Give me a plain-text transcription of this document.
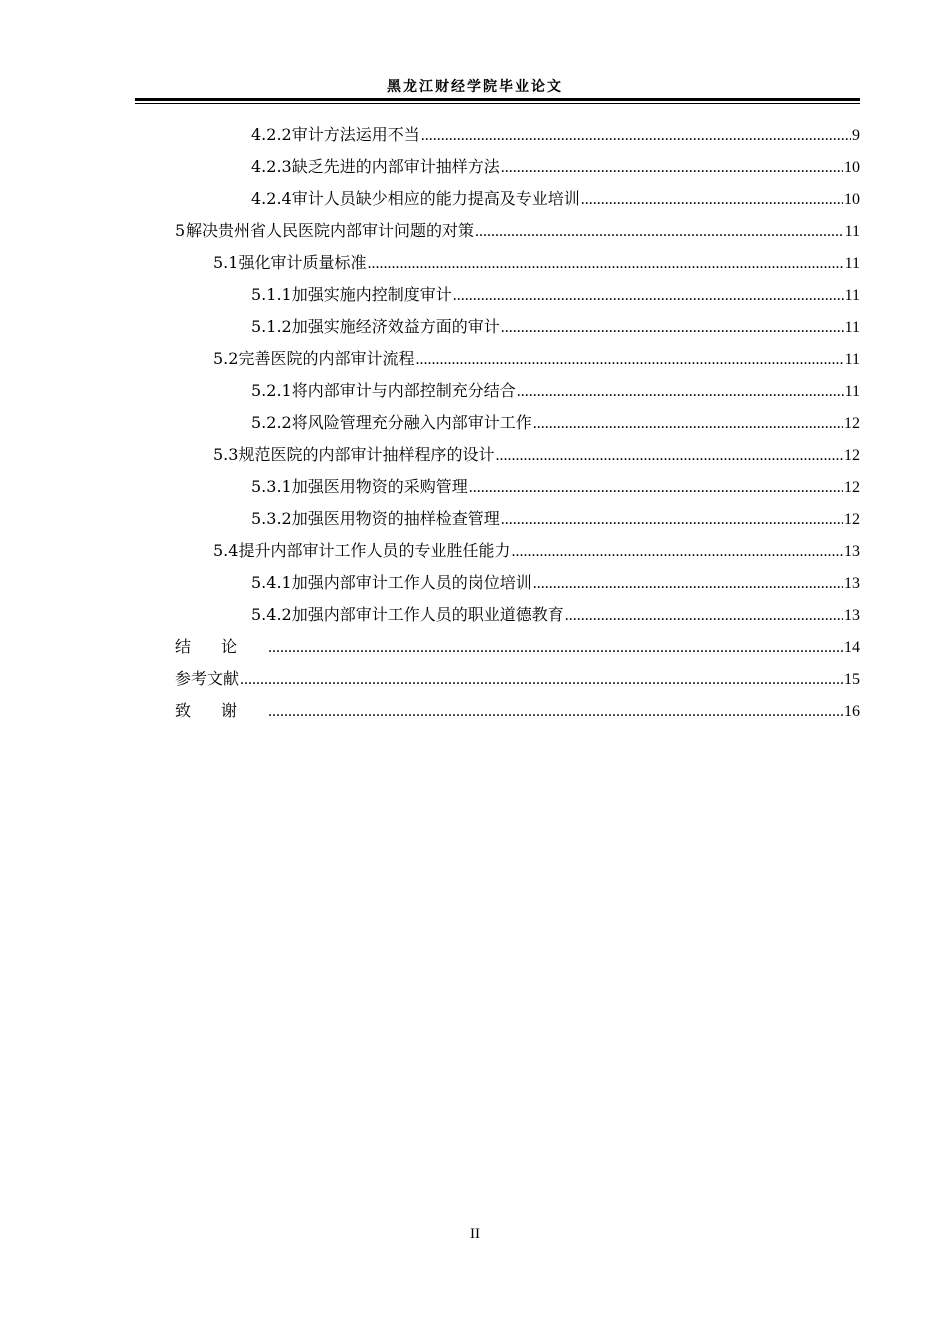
黑龙江财经学院毕业论文
4.2.2 审计方法运用不当 .....	9
4.2.3 缺乏先进的内部审计抽样方法 .....	10
4.2.4 审计人员缺少相应的能力提高及专业培训 .....	10
5 解决贵州省人民医院内部审计问题的对策 .....	11
5.1 强化审计质量标准 .....	11
5.1.1 加强实施内控制度审计 .....	11
5.1.2 加强实施经济效益方面的审计 .....	11
5.2 完善医院的内部审计流程 .....	11
5.2.1 将内部审计与内部控制充分结合 .....	11
5.2.2 将风险管理充分融入内部审计工作 .....	12
5.3 规范医院的内部审计抽样程序的设计 .....	12
5.3.1 加强医用物资的采购管理 .....	12
5.3.2 加强医用物资的抽样检查管理 .....	12
5.4 提升内部审计工作人员的专业胜任能力 .....	13
5.4.1 加强内部审计工作人员的岗位培训 .....	13
5.4.2 加强内部审计工作人员的职业道德教育 .....	13
结论 .....	14
参考文献 .....	15
致谢 .....	16
II
